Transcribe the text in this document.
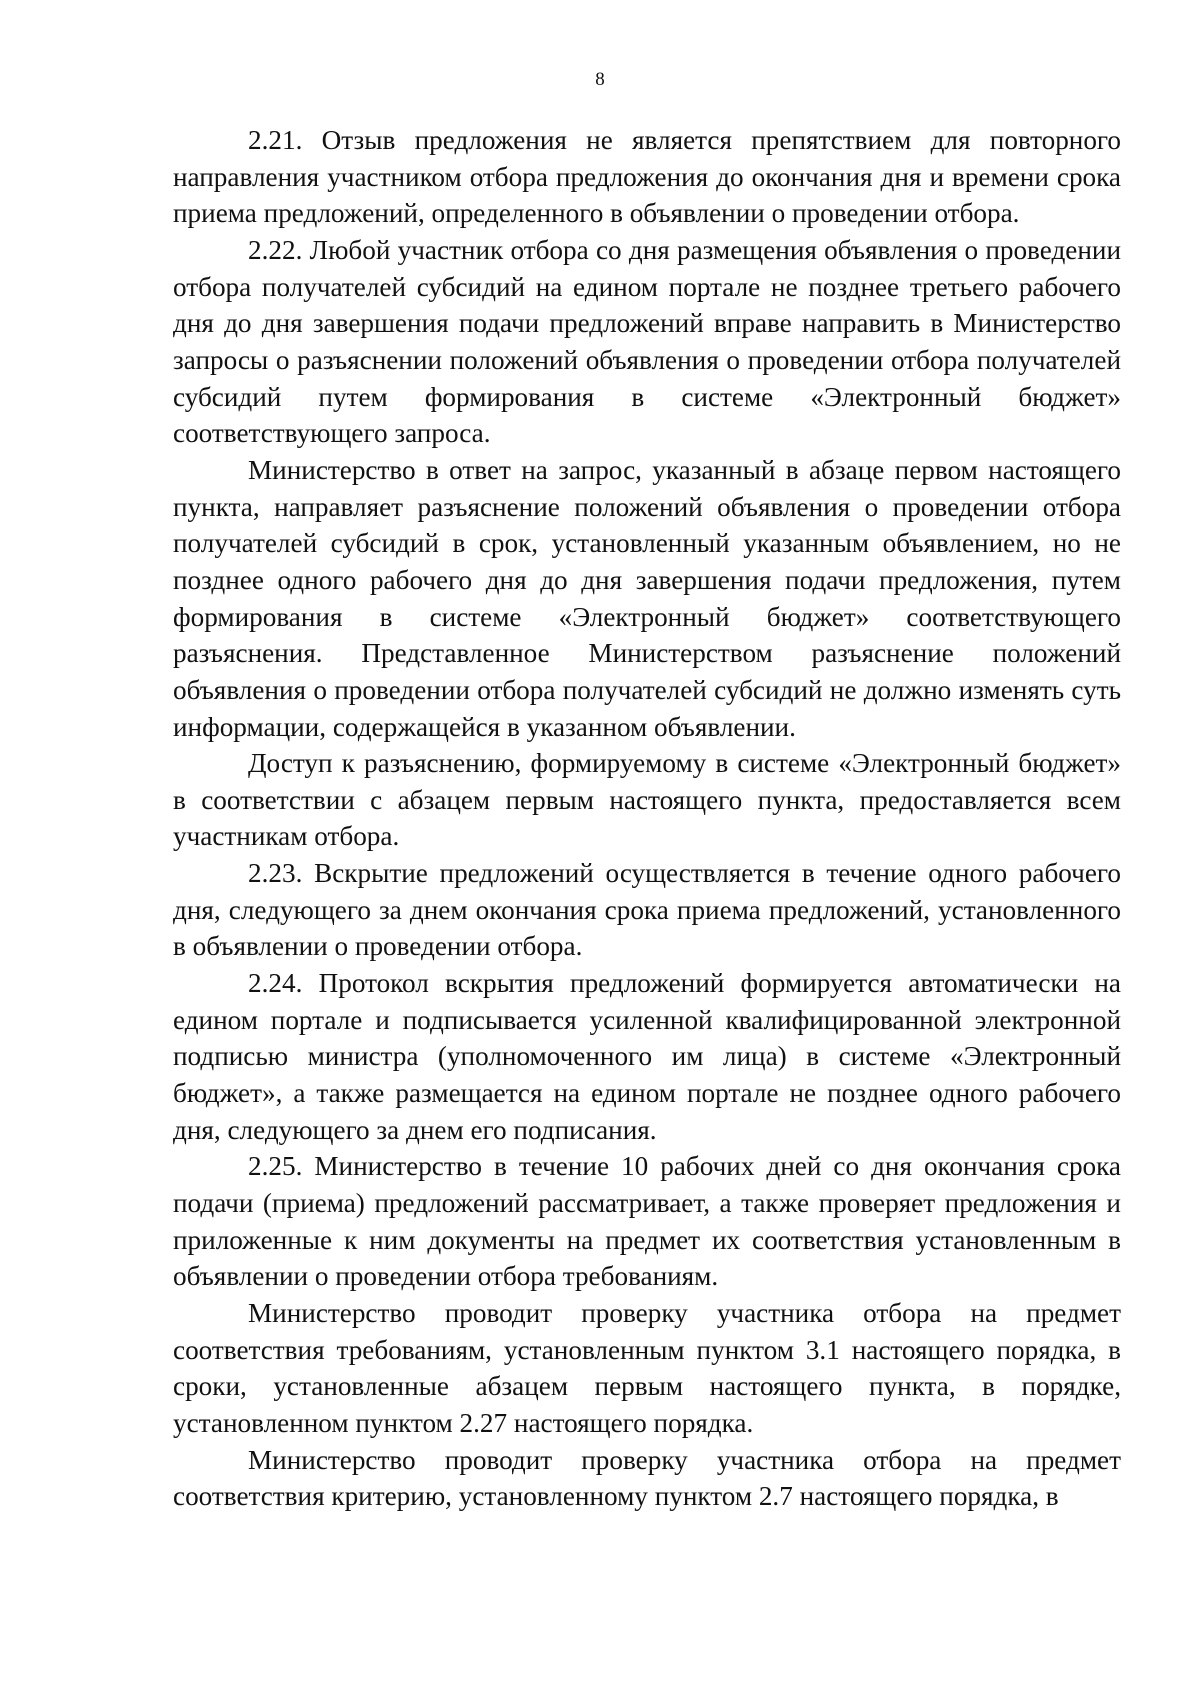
8

2.21. Отзыв предложения не является препятствием для повторного направления участником отбора предложения до окончания дня и времени срока приема предложений, определенного в объявлении о проведении отбора.

2.22. Любой участник отбора со дня размещения объявления о проведении отбора получателей субсидий на едином портале не позднее третьего рабочего дня до дня завершения подачи предложений вправе направить в Министерство запросы о разъяснении положений объявления о проведении отбора получателей субсидий путем формирования в системе «Электронный бюджет» соответствующего запроса.

Министерство в ответ на запрос, указанный в абзаце первом настоящего пункта, направляет разъяснение положений объявления о проведении отбора получателей субсидий в срок, установленный указанным объявлением, но не позднее одного рабочего дня до дня завершения подачи предложения, путем формирования в системе «Электронный бюджет» соответствующего разъяснения. Представленное Министерством разъяснение положений объявления о проведении отбора получателей субсидий не должно изменять суть информации, содержащейся в указанном объявлении.

Доступ к разъяснению, формируемому в системе «Электронный бюджет» в соответствии с абзацем первым настоящего пункта, предоставляется всем участникам отбора.

2.23. Вскрытие предложений осуществляется в течение одного рабочего дня, следующего за днем окончания срока приема предложений, установленного в объявлении о проведении отбора.

2.24. Протокол вскрытия предложений формируется автоматически на едином портале и подписывается усиленной квалифицированной электронной подписью министра (уполномоченного им лица) в системе «Электронный бюджет», а также размещается на едином портале не позднее одного рабочего дня, следующего за днем его подписания.

2.25. Министерство в течение 10 рабочих дней со дня окончания срока подачи (приема) предложений рассматривает, а также проверяет предложения и приложенные к ним документы на предмет их соответствия установленным в объявлении о проведении отбора требованиям.

Министерство проводит проверку участника отбора на предмет соответствия требованиям, установленным пунктом 3.1 настоящего порядка, в сроки, установленные абзацем первым настоящего пункта, в порядке, установленном пунктом 2.27 настоящего порядка.

Министерство проводит проверку участника отбора на предмет соответствия критерию, установленному пунктом 2.7 настоящего порядка, в
